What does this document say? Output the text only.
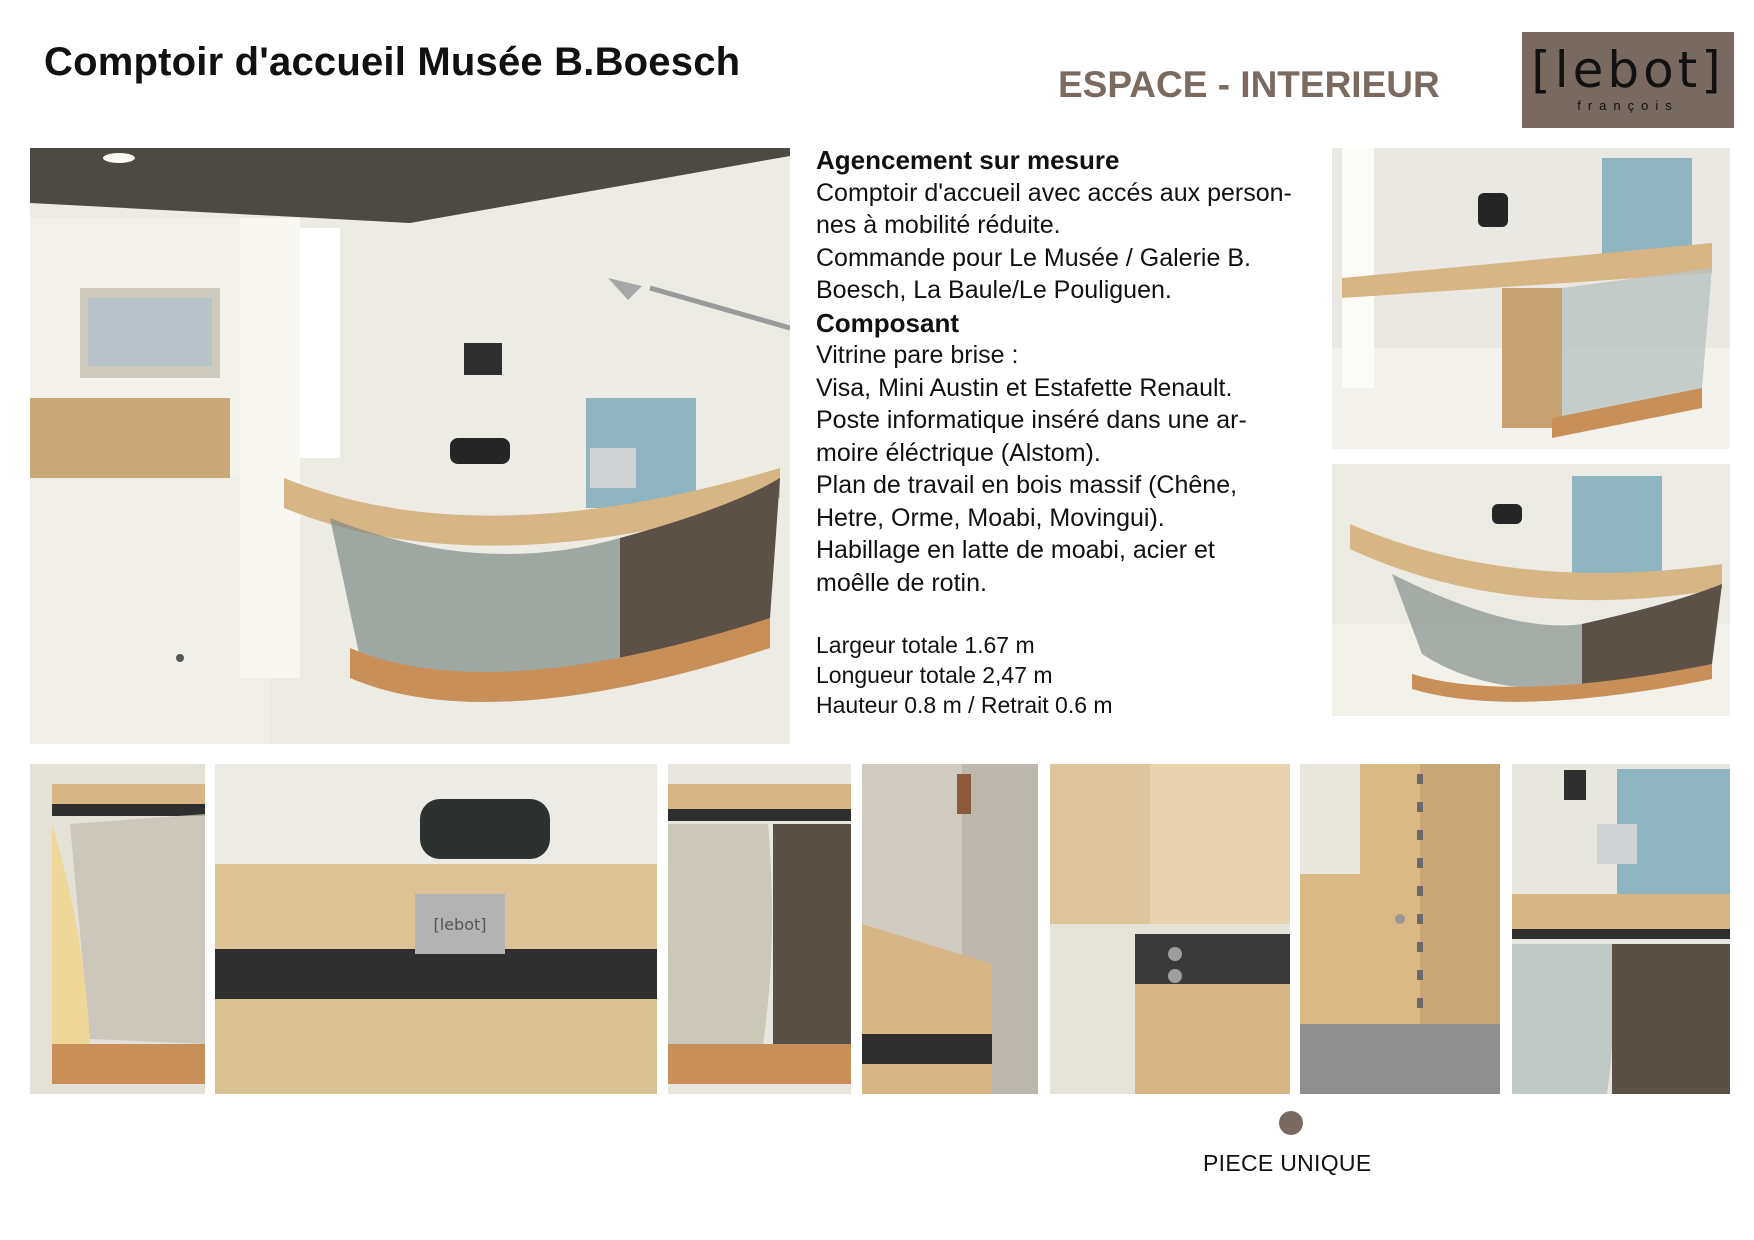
Comptoir d'accueil Musée B.Boesch
ESPACE - INTERIEUR [lebot]
françois
[lebot]
Agencement sur mesure
Comptoir d'accueil avec accés aux person-
nes à mobilité réduite.
Commande pour Le Musée / Galerie B.
Boesch, La Baule/Le Pouliguen.
Composant
Vitrine pare brise :
Visa, Mini Austin et Estafette Renault.
Poste informatique inséré dans une ar-
moire éléctrique (Alstom).
Plan de travail en bois massif (Chêne,
Hetre, Orme, Moabi, Movingui).
Habillage en latte de moabi, acier et
moêlle de rotin.
Largeur totale 1.67 m
Longueur totale 2,47 m
Hauteur 0.8 m / Retrait 0.6 m
PIECE UNIQUE
